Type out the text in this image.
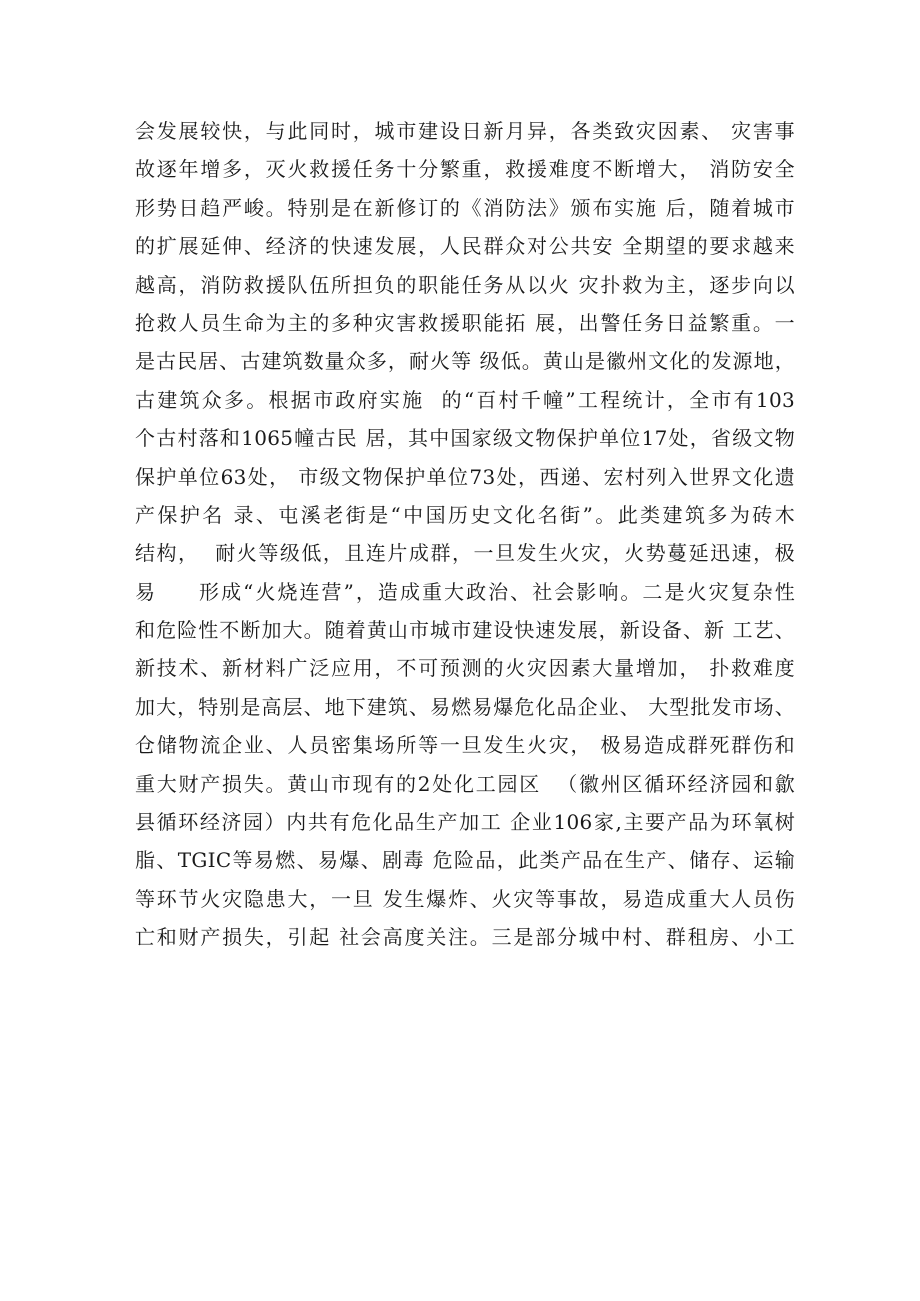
会发展较快，与此同时，城市建设日新月异，各类致灾因素、 灾害事
故逐年增多，灭火救援任务十分繁重，救援难度不断增大， 消防安全
形势日趋严峻。特别是在新修订的《消防法》颁布实施 后，随着城市
的扩展延伸、经济的快速发展，人民群众对公共安 全期望的要求越来
越高，消防救援队伍所担负的职能任务从以火 灾扑救为主，逐步向以
抢救人员生命为主的多种灾害救援职能拓 展，出警任务日益繁重。一
是古民居、古建筑数量众多，耐火等 级低。黄山是徽州文化的发源地，
古建筑众多。根据市政府实施  的“百村千幢”工程统计，全市有103
个古村落和1065幢古民 居，其中国家级文物保护单位17处，省级文物
保护单位63处， 市级文物保护单位73处，西递、宏村列入世界文化遗
产保护名 录、屯溪老街是“中国历史文化名街”。此类建筑多为砖木
结构，  耐火等级低，且连片成群，一旦发生火灾，火势蔓延迅速，极
易     形成“火烧连营”，造成重大政治、社会影响。二是火灾复杂性
和危险性不断加大。随着黄山市城市建设快速发展，新设备、新 工艺、
新技术、新材料广泛应用，不可预测的火灾因素大量增加， 扑救难度
加大，特别是高层、地下建筑、易燃易爆危化品企业、 大型批发市场、
仓储物流企业、人员密集场所等一旦发生火灾， 极易造成群死群伤和
重大财产损失。黄山市现有的2处化工园区  （徽州区循环经济园和歙
县循环经济园）内共有危化品生产加工 企业106家,主要产品为环氧树
脂、TGIC等易燃、易爆、剧毒 危险品，此类产品在生产、储存、运输
等环节火灾隐患大，一旦 发生爆炸、火灾等事故，易造成重大人员伤
亡和财产损失，引起 社会高度关注。三是部分城中村、群租房、小工
